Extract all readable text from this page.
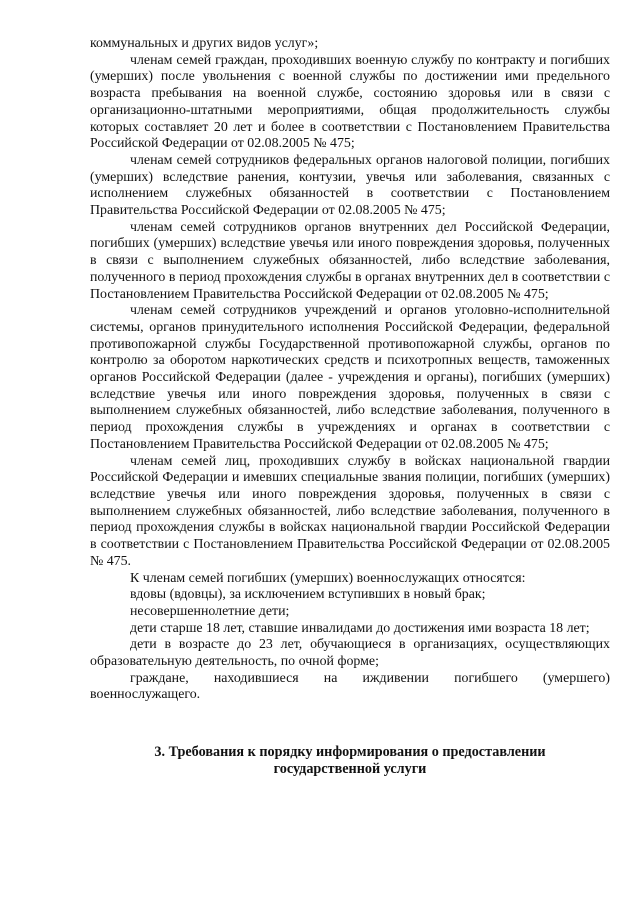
коммунальных и других видов услуг»;

членам семей граждан, проходивших военную службу по контракту и погибших (умерших) после увольнения с военной службы по достижении ими предельного возраста пребывания на военной службе, состоянию здоровья или в связи с организационно-штатными мероприятиями, общая продолжительность службы которых составляет 20 лет и более в соответствии с Постановлением Правительства Российской Федерации от 02.08.2005 № 475;

членам семей сотрудников федеральных органов налоговой полиции, погибших (умерших) вследствие ранения, контузии, увечья или заболевания, связанных с исполнением служебных обязанностей в соответствии с Постановлением Правительства Российской Федерации от 02.08.2005 № 475;

членам семей сотрудников органов внутренних дел Российской Федерации, погибших (умерших) вследствие увечья или иного повреждения здоровья, полученных в связи с выполнением служебных обязанностей, либо вследствие заболевания, полученного в период прохождения службы в органах внутренних дел в соответствии с Постановлением Правительства Российской Федерации от 02.08.2005 № 475;

членам семей сотрудников учреждений и органов уголовно-исполнительной системы, органов принудительного исполнения Российской Федерации, федеральной противопожарной службы Государственной противопожарной службы, органов по контролю за оборотом наркотических средств и психотропных веществ, таможенных органов Российской Федерации (далее - учреждения и органы), погибших (умерших) вследствие увечья или иного повреждения здоровья, полученных в связи с выполнением служебных обязанностей, либо вследствие заболевания, полученного в период прохождения службы в учреждениях и органах в соответствии с Постановлением Правительства Российской Федерации от 02.08.2005 № 475;

членам семей лиц, проходивших службу в войсках национальной гвардии Российской Федерации и имевших специальные звания полиции, погибших (умерших) вследствие увечья или иного повреждения здоровья, полученных в связи с выполнением служебных обязанностей, либо вследствие заболевания, полученного в период прохождения службы в войсках национальной гвардии Российской Федерации в соответствии с Постановлением Правительства Российской Федерации от 02.08.2005 № 475.

К членам семей погибших (умерших) военнослужащих относятся:

вдовы (вдовцы), за исключением вступивших в новый брак;

несовершеннолетние дети;

дети старше 18 лет, ставшие инвалидами до достижения ими возраста 18 лет;

дети в возрасте до 23 лет, обучающиеся в организациях, осуществляющих образовательную деятельность, по очной форме;

граждане, находившиеся на иждивении погибшего (умершего) военнослужащего.

3. Требования к порядку информирования о предоставлении государственной услуги
